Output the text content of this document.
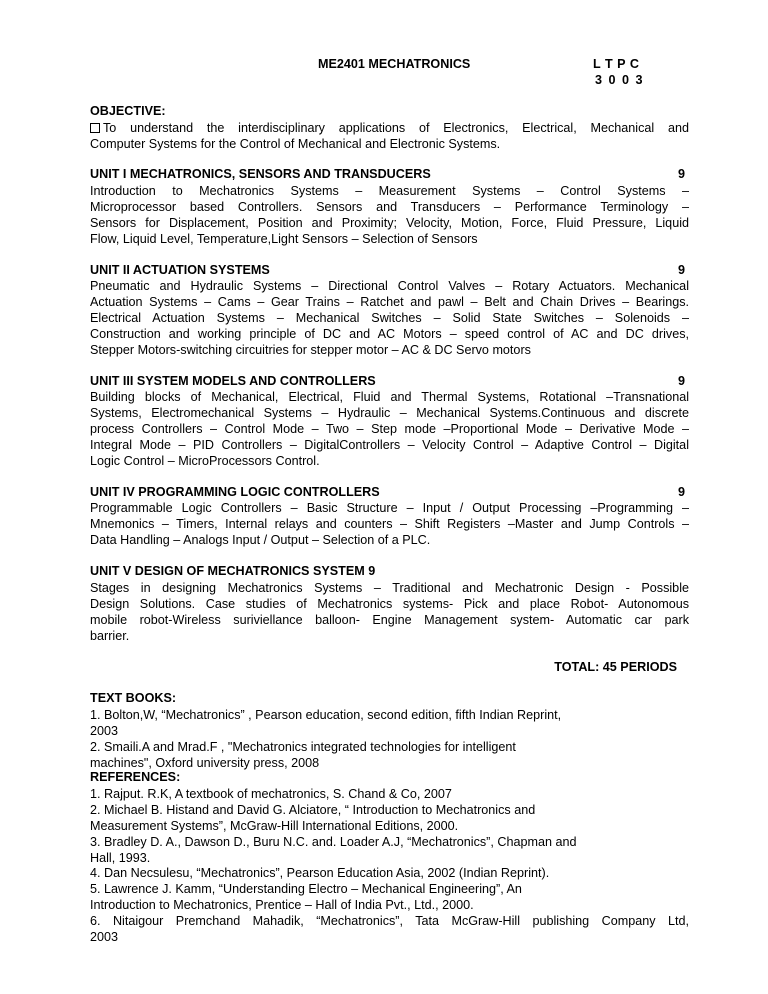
ME2401 MECHATRONICS	L T P C
3 0 0 3
OBJECTIVE:
To understand the interdisciplinary applications of Electronics, Electrical, Mechanical and
Computer Systems for the Control of Mechanical and Electronic Systems.
UNIT I MECHATRONICS, SENSORS AND TRANSDUCERS	9
Introduction to Mechatronics Systems – Measurement Systems – Control Systems –
Microprocessor based Controllers. Sensors and Transducers – Performance Terminology –
Sensors for Displacement, Position and Proximity; Velocity, Motion, Force, Fluid Pressure, Liquid
Flow, Liquid Level, Temperature,Light Sensors – Selection of Sensors
UNIT II ACTUATION SYSTEMS	9
Pneumatic and Hydraulic Systems – Directional Control Valves – Rotary Actuators. Mechanical
Actuation Systems – Cams – Gear Trains – Ratchet and pawl – Belt and Chain Drives – Bearings.
Electrical Actuation Systems – Mechanical Switches – Solid State Switches – Solenoids –
Construction and working principle of DC and AC Motors – speed control of AC and DC drives,
Stepper Motors-switching circuitries for stepper motor – AC & DC Servo motors
UNIT III SYSTEM MODELS AND CONTROLLERS	9
Building blocks of Mechanical, Electrical, Fluid and Thermal Systems, Rotational –Transnational
Systems, Electromechanical Systems – Hydraulic – Mechanical Systems.Continuous and discrete
process Controllers – Control Mode – Two – Step mode –Proportional Mode – Derivative Mode –
Integral Mode – PID Controllers – DigitalControllers – Velocity Control – Adaptive Control – Digital
Logic Control – MicroProcessors Control.
UNIT IV PROGRAMMING LOGIC CONTROLLERS	9
Programmable Logic Controllers – Basic Structure – Input / Output Processing –Programming –
Mnemonics – Timers, Internal relays and counters – Shift Registers –Master and Jump Controls –
Data Handling – Analogs Input / Output – Selection of a PLC.
UNIT V DESIGN OF MECHATRONICS SYSTEM 9
Stages in designing Mechatronics Systems – Traditional and Mechatronic Design - Possible
Design Solutions. Case studies of Mechatronics systems- Pick and place Robot- Autonomous
mobile robot-Wireless suriviellance balloon- Engine Management system- Automatic car park
barrier.
TOTAL: 45 PERIODS
TEXT BOOKS:
1. Bolton,W, “Mechatronics” , Pearson education, second edition, fifth Indian Reprint,
2003
2. Smaili.A and Mrad.F , "Mechatronics integrated technologies for intelligent
machines", Oxford university press, 2008
REFERENCES:
1. Rajput. R.K, A textbook of mechatronics, S. Chand & Co, 2007
2. Michael B. Histand and David G. Alciatore, “ Introduction to Mechatronics and
Measurement Systems”, McGraw-Hill International Editions, 2000.
3. Bradley D. A., Dawson D., Buru N.C. and. Loader A.J, “Mechatronics”, Chapman and
Hall, 1993.
4. Dan Necsulesu, “Mechatronics”, Pearson Education Asia, 2002 (Indian Reprint).
5. Lawrence J. Kamm, “Understanding Electro – Mechanical Engineering”, An
Introduction to Mechatronics, Prentice – Hall of India Pvt., Ltd., 2000.
6. Nitaigour Premchand Mahadik, “Mechatronics”, Tata McGraw-Hill publishing Company Ltd,
2003
